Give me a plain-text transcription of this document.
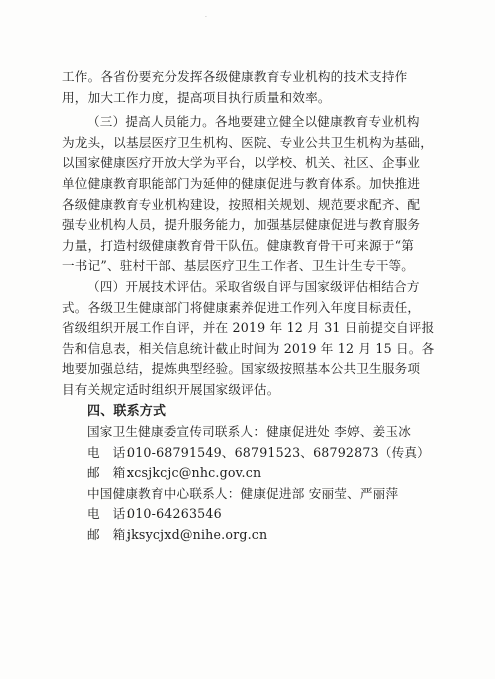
·
工作。各省份要充分发挥各级健康教育专业机构的技术支持作
用，加大工作力度，提高项目执行质量和效率。
（三）提高人员能力。各地要建立健全以健康教育专业机构
为龙头，以基层医疗卫生机构、医院、专业公共卫生机构为基础，
以国家健康医疗开放大学为平台，以学校、机关、社区、企事业
单位健康教育职能部门为延伸的健康促进与教育体系。加快推进
各级健康教育专业机构建设，按照相关规划、规范要求配齐、配
强专业机构人员，提升服务能力，加强基层健康促进与教育服务
力量，打造村级健康教育骨干队伍。健康教育骨干可来源于“第
一书记”、驻村干部、基层医疗卫生工作者、卫生计生专干等。
（四）开展技术评估。采取省级自评与国家级评估相结合方
式。各级卫生健康部门将健康素养促进工作列入年度目标责任，
省级组织开展工作自评，并在 2019 年 12 月 31 日前提交自评报
告和信息表，相关信息统计截止时间为 2019 年 12 月 15 日。各
地要加强总结，提炼典型经验。国家级按照基本公共卫生服务项
目有关规定适时组织开展国家级评估。
四、联系方式
国家卫生健康委宣传司联系人：健康促进处 李婷、姜玉冰
电　话：010-68791549、68791523、68792873（传真）
邮　箱：xcsjkcjc@nhc.gov.cn
中国健康教育中心联系人：健康促进部 安丽莹、严丽萍
电　话：010-64263546
邮　箱：jksycjxd@nihe.org.cn
